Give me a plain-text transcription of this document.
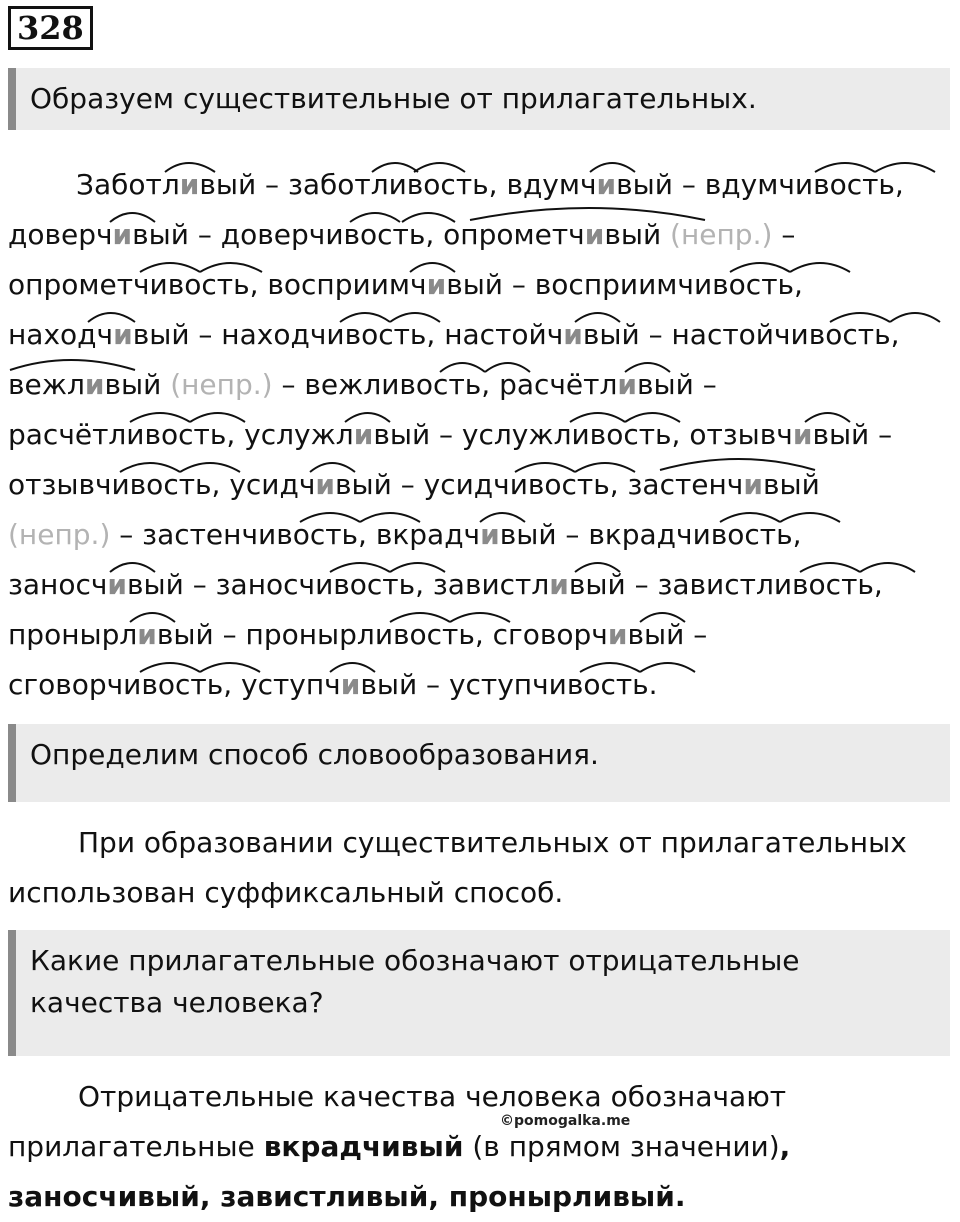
328
Образуем существительные от прилагательных.
Заботливый – заботливость, вдумчивый – вдумчивость,
доверчивый – доверчивость, опрометчивый (непр.) –
опрометчивость, восприимчивый – восприимчивость,
находчивый – находчивость, настойчивый – настойчивость,
вежливый (непр.) – вежливость, расчётливый –
расчётливость, услужливый – услужливость, отзывчивый –
отзывчивость, усидчивый – усидчивость, застенчивый
(непр.) – застенчивость, вкрадчивый – вкрадчивость,
заносчивый – заносчивость, завистливый – завистливость,
пронырливый – пронырливость, сговорчивый –
сговорчивость, уступчивый – уступчивость.
Определим способ словообразования.
При образовании существительных от прилагательных
использован суффиксальный способ.
Какие прилагательные обозначают отрицательные
качества человека?
Отрицательные качества человека обозначают
прилагательные вкрадчивый (в прямом значении),
заносчивый, завистливый, пронырливый.
©pomogalka.me
